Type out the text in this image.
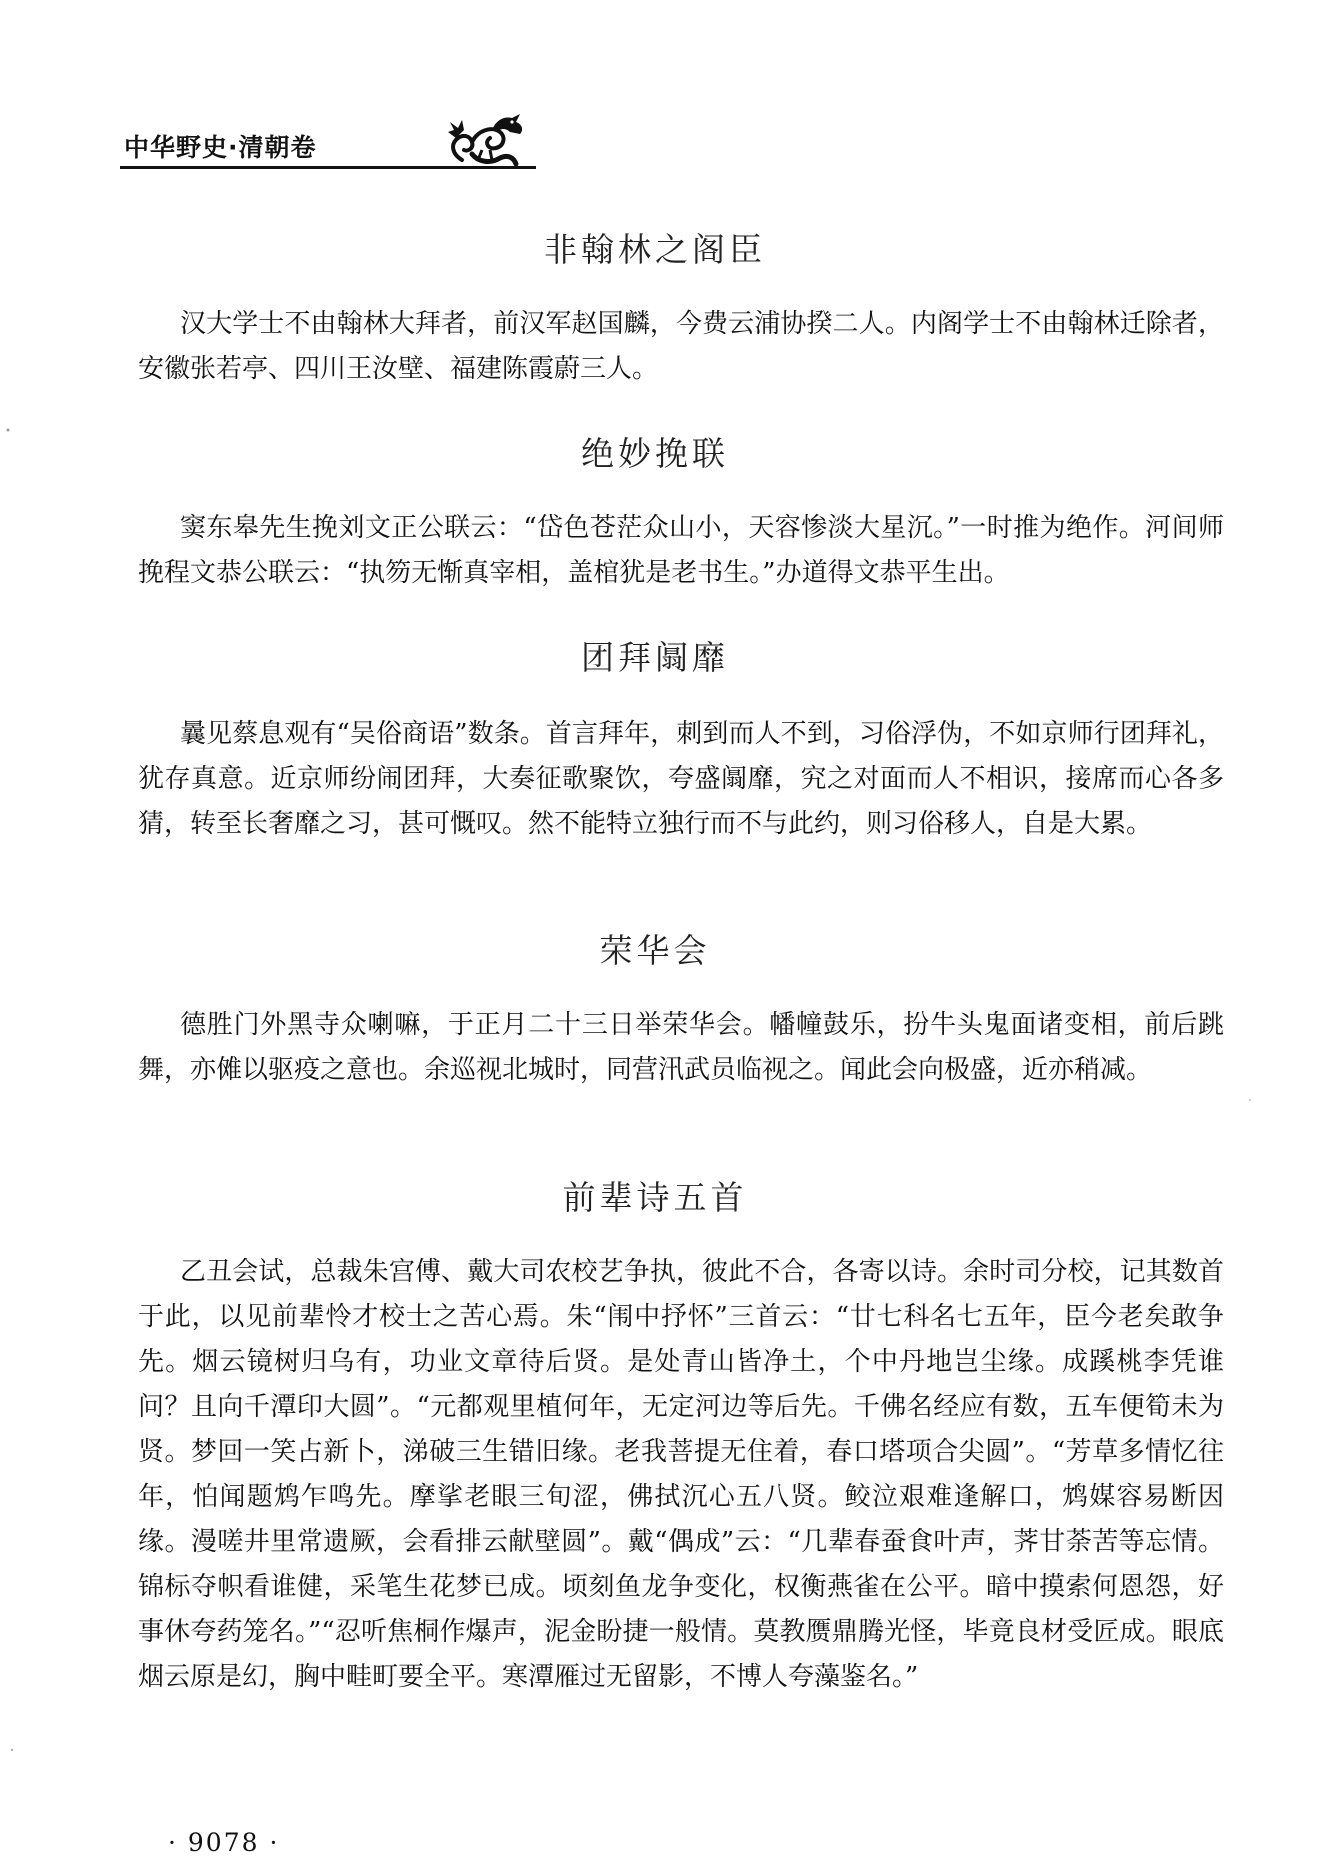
中华野史·清朝卷
非翰林之阁臣

汉大学士不由翰林大拜者，前汉军赵国麟，今费云浦协揆二人。内阁学士不由翰林迁除者，安徽张若亭、四川王汝壁、福建陈霞蔚三人。

绝妙挽联

窦东皋先生挽刘文正公联云：“岱色苍茫众山小，天容惨淡大星沉。”一时推为绝作。河间师挽程文恭公联云：“执笏无惭真宰相，盖棺犹是老书生。”办道得文恭平生出。

团拜阘靡

曩见蔡息观有“吴俗商语”数条。首言拜年，刺到而人不到，习俗浮伪，不如京师行团拜礼，犹存真意。近京师纷闹团拜，大奏征歌聚饮，夸盛阘靡，究之对面而人不相识，接席而心各多猜，转至长奢靡之习，甚可慨叹。然不能特立独行而不与此约，则习俗移人，自是大累。

荣华会

德胜门外黑寺众喇嘛，于正月二十三日举荣华会。幡幢鼓乐，扮牛头鬼面诸变相，前后跳舞，亦傩以驱疫之意也。余巡视北城时，同营汛武员临视之。闻此会向极盛，近亦稍减。

前辈诗五首

乙丑会试，总裁朱宫傅、戴大司农校艺争执，彼此不合，各寄以诗。余时司分校，记其数首于此，以见前辈怜才校士之苦心焉。朱“闱中抒怀”三首云：“廿七科名七五年，臣今老矣敢争先。烟云镜树归乌有，功业文章待后贤。是处青山皆净土，个中丹地岂尘缘。成蹊桃李凭谁问？且向千潭印大圆”。“元都观里植何年，无定河边等后先。千佛名经应有数，五车便筍未为贤。梦回一笑占新卜，涕破三生错旧缘。老我菩提无住着，春口塔项合尖圆”。“芳草多情忆往年，怕闻题鸩乍鸣先。摩挲老眼三旬涩，佛拭沉心五八贤。鲛泣艰难逢解口，鸩媒容易断因缘。漫嗟井里常遗厥，会看排云献壁圆”。戴“偶成”云：“几辈春蚕食叶声，荠甘荼苦等忘情。锦标夺帜看谁健，采笔生花梦已成。顷刻鱼龙争变化，权衡燕雀在公平。暗中摸索何恩怨，好事休夸药笼名。”“忍听焦桐作爆声，泥金盼捷一般情。莫教赝鼎腾光怪，毕竟良材受匠成。眼底烟云原是幻，胸中畦町要全平。寒潭雁过无留影，不博人夸藻鉴名。”

· 9078 ·
